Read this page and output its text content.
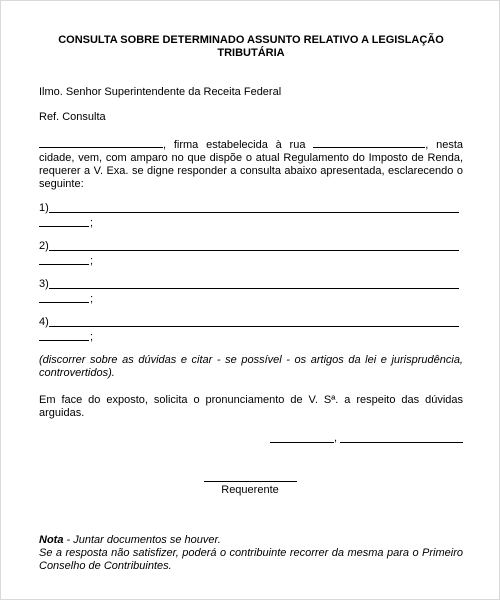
CONSULTA SOBRE DETERMINADO ASSUNTO RELATIVO A LEGISLAÇÃO TRIBUTÁRIA
Ilmo. Senhor Superintendente da Receita Federal
Ref. Consulta
, firma estabelecida à rua	, nesta cidade, vem, com amparo no que dispõe o atual Regulamento do Imposto de Renda, requerer a V. Exa. se digne responder a consulta abaixo apresentada, esclarecendo o seguinte:
1)
;
2)
;
3)
;
4)
;
(discorrer sobre as dúvidas e citar - se possível - os artigos da lei e jurisprudência, controvertidos).
Em face do exposto, solicita o pronunciamento de V. Sª. a respeito das dúvidas arguidas.
,
Requerente
Nota - Juntar documentos se houver.
Se a resposta não satisfizer, poderá o contribuinte recorrer da mesma para o Primeiro Conselho de Contribuintes.
